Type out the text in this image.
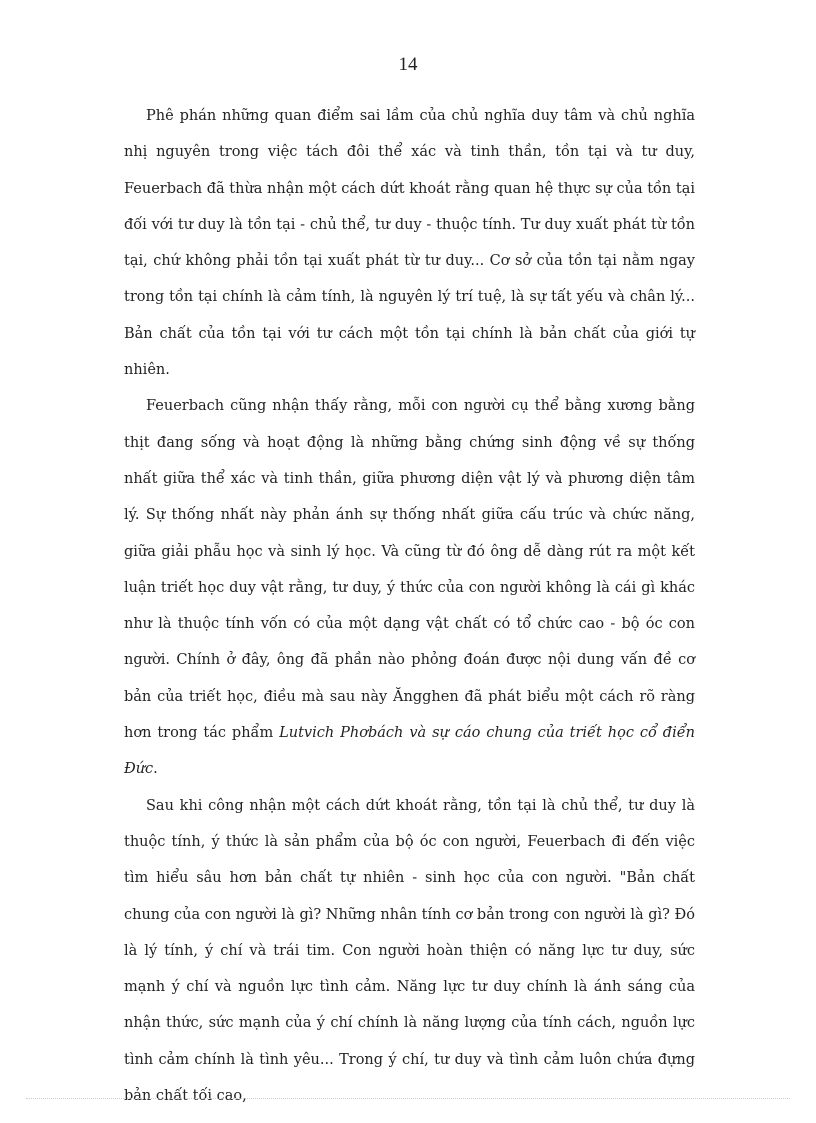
14

Phê phán những quan điểm sai lầm của chủ nghĩa duy tâm và chủ nghĩa nhị nguyên trong việc tách đôi thể xác và tinh thần, tồn tại và tư duy, Feuerbach đã thừa nhận một cách dứt khoát rằng quan hệ thực sự của tồn tại đối với tư duy là tồn tại - chủ thể, tư duy - thuộc tính. Tư duy xuất phát từ tồn tại, chứ không phải tồn tại xuất phát từ tư duy... Cơ sở của tồn tại nằm ngay trong tồn tại chính là cảm tính, là nguyên lý trí tuệ, là sự tất yếu và chân lý... Bản chất của tồn tại với tư cách một tồn tại chính là bản chất của giới tự nhiên.

Feuerbach cũng nhận thấy rằng, mỗi con người cụ thể bằng xương bằng thịt đang sống và hoạt động là những bằng chứng sinh động về sự thống nhất giữa thể xác và tinh thần, giữa phương diện vật lý và phương diện tâm lý. Sự thống nhất này phản ánh sự thống nhất giữa cấu trúc và chức năng, giữa giải phẫu học và sinh lý học. Và cũng từ đó ông dễ dàng rút ra một kết luận triết học duy vật rằng, tư duy, ý thức của con người không là cái gì khác như là thuộc tính vốn có của một dạng vật chất có tổ chức cao - bộ óc con người. Chính ở đây, ông đã phần nào phỏng đoán được nội dung vấn đề cơ bản của triết học, điều mà sau này Ăngghen đã phát biểu một cách rõ ràng hơn trong tác phẩm Lutvich Phơbách và sự cáo chung của triết học cổ điển Đức.

Sau khi công nhận một cách dứt khoát rằng, tồn tại là chủ thể, tư duy là thuộc tính, ý thức là sản phẩm của bộ óc con người, Feuerbach đi đến việc tìm hiểu sâu hơn bản chất tự nhiên - sinh học của con người. "Bản chất chung của con người là gì? Những nhân tính cơ bản trong con người là gì? Đó là lý tính, ý chí và trái tim. Con người hoàn thiện có năng lực tư duy, sức mạnh ý chí và nguồn lực tình cảm. Năng lực tư duy chính là ánh sáng của nhận thức, sức mạnh của ý chí chính là năng lượng của tính cách, nguồn lực tình cảm chính là tình yêu... Trong ý chí, tư duy và tình cảm luôn chứa đựng bản chất tối cao,
